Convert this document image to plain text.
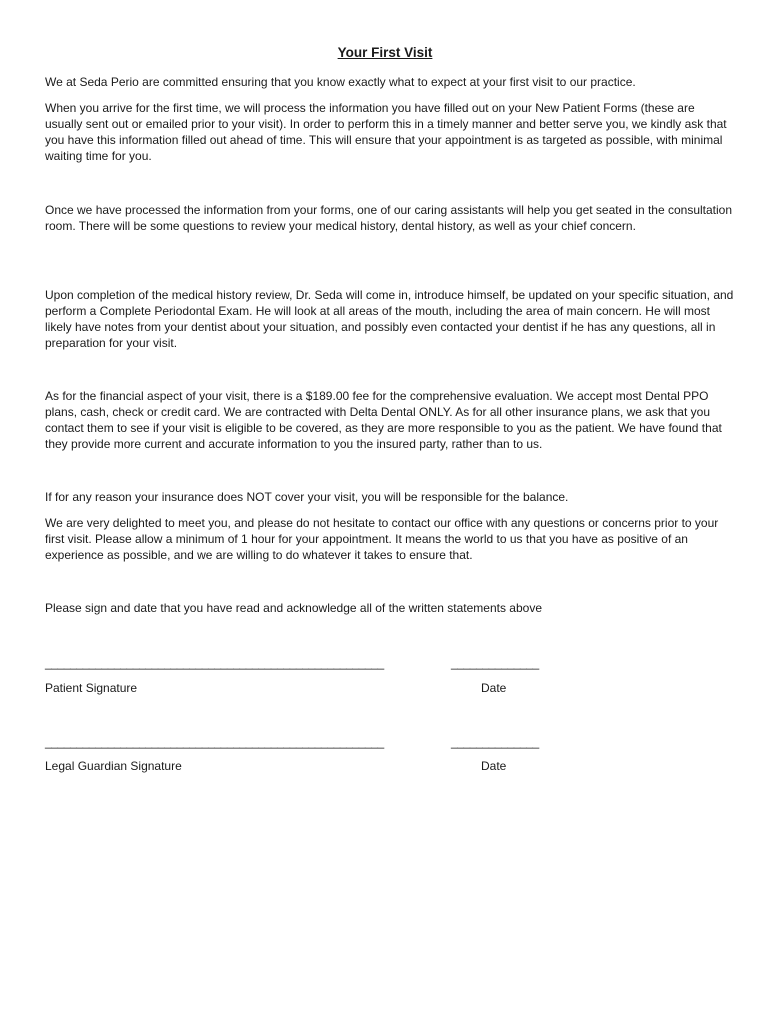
Your First Visit

We at Seda Perio are committed ensuring that you know exactly what to expect at your first visit to our practice.

When you arrive for the first time, we will process the information you have filled out on your New Patient Forms (these are usually sent out or emailed prior to your visit). In order to perform this in a timely manner and better serve you, we kindly ask that you have this information filled out ahead of time. This will ensure that your appointment is as targeted as possible, with minimal waiting time for you.

Once we have processed the information from your forms, one of our caring assistants will help you get seated in the consultation room. There will be some questions to review your medical history, dental history, as well as your chief concern.

Upon completion of the medical history review, Dr. Seda will come in, introduce himself, be updated on your specific situation, and perform a Complete Periodontal Exam. He will look at all areas of the mouth, including the area of main concern. He will most likely have notes from your dentist about your situation, and possibly even contacted your dentist if he has any questions, all in preparation for your visit.

As for the financial aspect of your visit, there is a $189.00 fee for the comprehensive evaluation. We accept most Dental PPO plans, cash, check or credit card. We are contracted with Delta Dental ONLY. As for all other insurance plans, we ask that you contact them to see if your visit is eligible to be covered, as they are more responsible to you as the patient. We have found that they provide more current and accurate information to you the insured party, rather than to us.

If for any reason your insurance does NOT cover your visit, you will be responsible for the balance.

We are very delighted to meet you, and please do not hesitate to contact our office with any questions or concerns prior to your first visit. Please allow a minimum of 1 hour for your appointment. It means the world to us that you have as positive of an experience as possible, and we are willing to do whatever it takes to ensure that.

Please sign and date that you have read and acknowledge all of the written statements above

______________________________________________________	______________
Patient Signature	Date
______________________________________________________	______________
Legal Guardian Signature	Date
